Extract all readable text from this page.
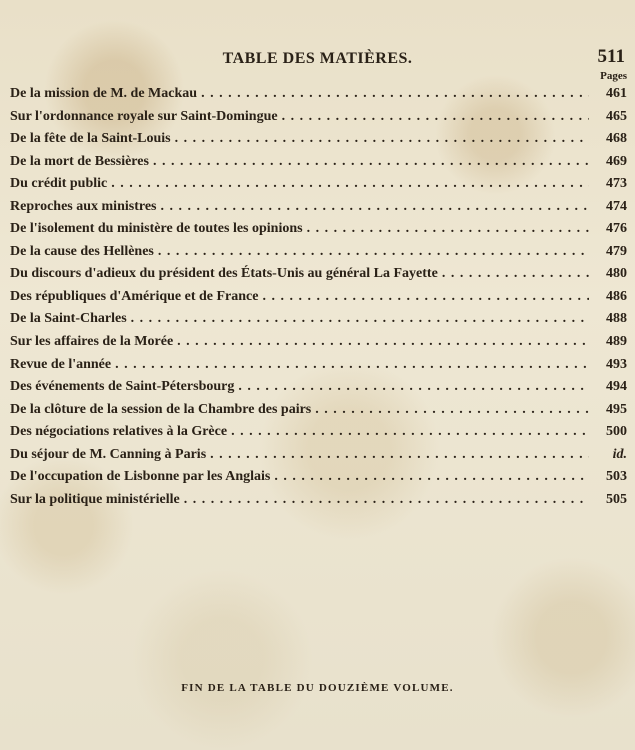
TABLE DES MATIÈRES.	511
Pages
De la mission de M. de Mackau . . .	461
Sur l'ordonnance royale sur Saint-Domingue . . .	465
De la fête de la Saint-Louis . . .	468
De la mort de Bessières . . .	469
Du crédit public . . .	473
Reproches aux ministres . . .	474
De l'isolement du ministère de toutes les opinions . . .	476
De la cause des Hellènes . . .	479
Du discours d'adieux du président des États-Unis au général La Fayette . . .	480
Des républiques d'Amérique et de France . . .	486
De la Saint-Charles . . .	488
Sur les affaires de la Morée . . .	489
Revue de l'année . . .	493
Des événements de Saint-Pétersbourg . . .	494
De la clôture de la session de la Chambre des pairs . . .	495
Des négociations relatives à la Grèce . . .	500
Du séjour de M. Canning à Paris . . .	id.
De l'occupation de Lisbonne par les Anglais . . .	503
Sur la politique ministérielle . . .	505
FIN DE LA TABLE DU DOUZIÈME VOLUME.
